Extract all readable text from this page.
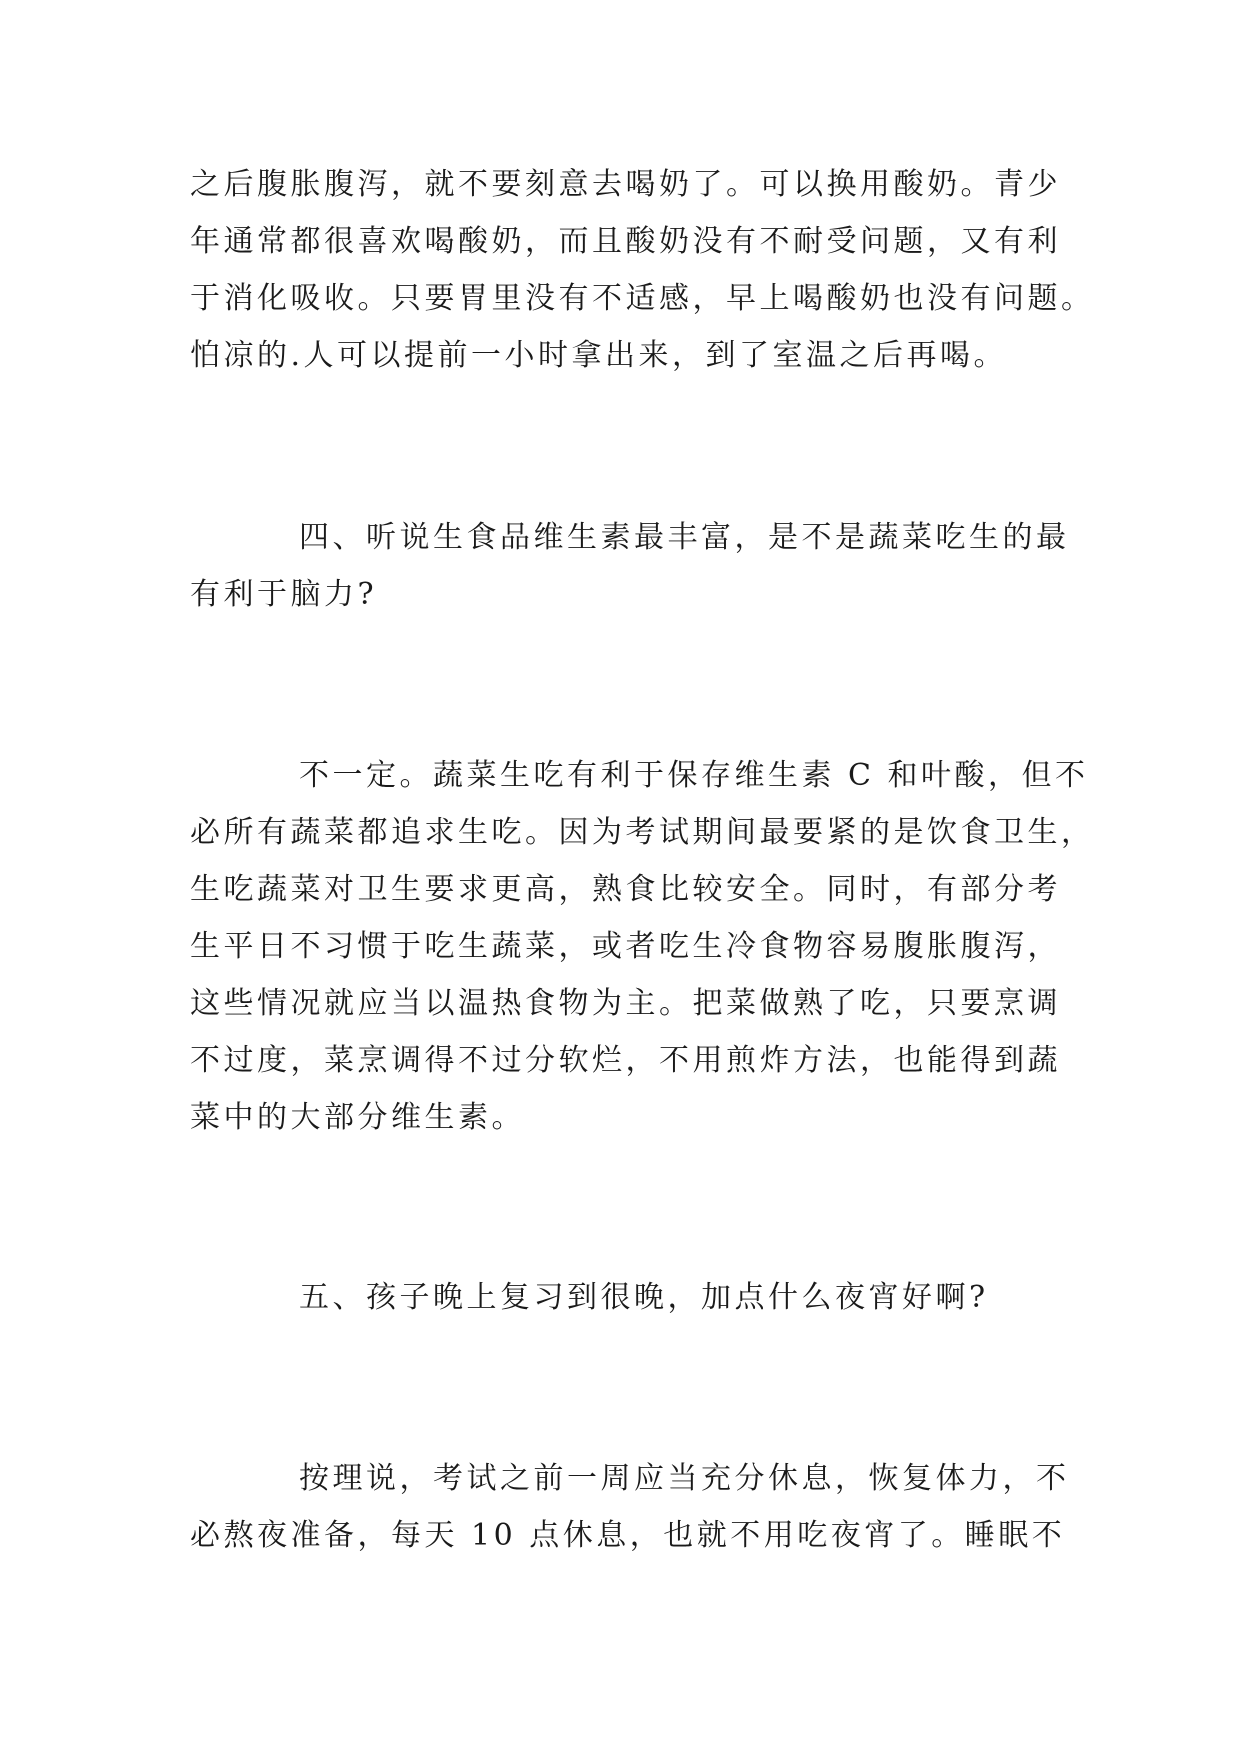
之后腹胀腹泻，就不要刻意去喝奶了。可以换用酸奶。青少
年通常都很喜欢喝酸奶，而且酸奶没有不耐受问题，又有利
于消化吸收。只要胃里没有不适感，早上喝酸奶也没有问题。
怕凉的.人可以提前一小时拿出来，到了室温之后再喝。
四、听说生食品维生素最丰富，是不是蔬菜吃生的最
有利于脑力?
不一定。蔬菜生吃有利于保存维生素 C 和叶酸，但不
必所有蔬菜都追求生吃。因为考试期间最要紧的是饮食卫生，
生吃蔬菜对卫生要求更高，熟食比较安全。同时，有部分考
生平日不习惯于吃生蔬菜，或者吃生冷食物容易腹胀腹泻，
这些情况就应当以温热食物为主。把菜做熟了吃，只要烹调
不过度，菜烹调得不过分软烂，不用煎炸方法，也能得到蔬
菜中的大部分维生素。
五、孩子晚上复习到很晚，加点什么夜宵好啊?
按理说，考试之前一周应当充分休息，恢复体力，不
必熬夜准备，每天 10 点休息，也就不用吃夜宵了。睡眠不
